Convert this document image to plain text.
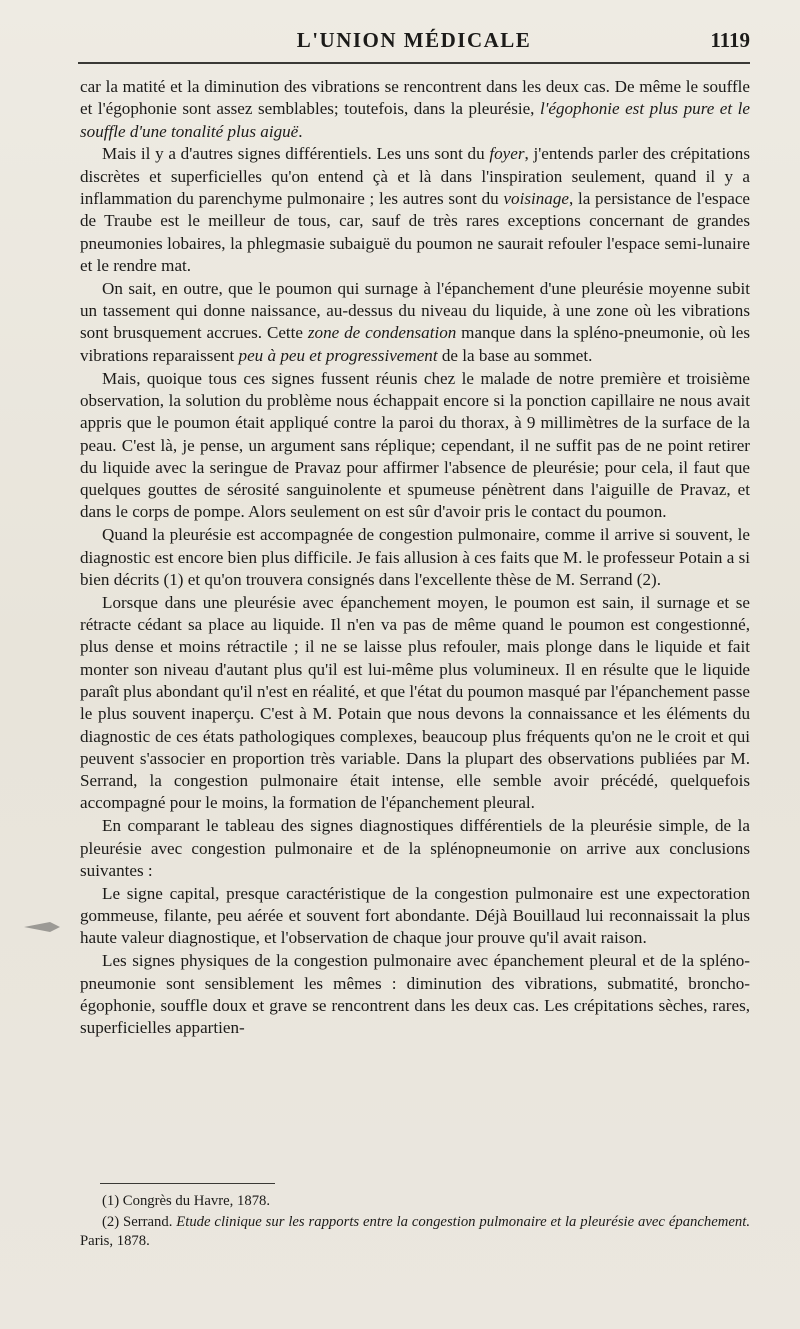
L'UNION MÉDICALE	1119

car la matité et la diminution des vibrations se rencontrent dans les deux cas. De même le souffle et l'égophonie sont assez semblables; toutefois, dans la pleurésie, l'égophonie est plus pure et le souffle d'une tonalité plus aiguë.

Mais il y a d'autres signes différentiels. Les uns sont du foyer, j'entends parler des crépitations discrètes et superficielles qu'on entend çà et là dans l'inspiration seulement, quand il y a inflammation du parenchyme pulmonaire ; les autres sont du voisinage, la persistance de l'espace de Traube est le meilleur de tous, car, sauf de très rares exceptions concernant de grandes pneumonies lobaires, la phlegmasie subaiguë du poumon ne saurait refouler l'espace semi-lunaire et le rendre mat.

On sait, en outre, que le poumon qui surnage à l'épanchement d'une pleurésie moyenne subit un tassement qui donne naissance, au-dessus du niveau du liquide, à une zone où les vibrations sont brusquement accrues. Cette zone de condensation manque dans la spléno-pneumonie, où les vibrations reparaissent peu à peu et progressivement de la base au sommet.

Mais, quoique tous ces signes fussent réunis chez le malade de notre première et troisième observation, la solution du problème nous échappait encore si la ponction capillaire ne nous avait appris que le poumon était appliqué contre la paroi du thorax, à 9 millimètres de la surface de la peau. C'est là, je pense, un argument sans réplique; cependant, il ne suffit pas de ne point retirer du liquide avec la seringue de Pravaz pour affirmer l'absence de pleurésie; pour cela, il faut que quelques gouttes de sérosité sanguinolente et spumeuse pénètrent dans l'aiguille de Pravaz, et dans le corps de pompe. Alors seulement on est sûr d'avoir pris le contact du poumon.

Quand la pleurésie est accompagnée de congestion pulmonaire, comme il arrive si souvent, le diagnostic est encore bien plus difficile. Je fais allusion à ces faits que M. le professeur Potain a si bien décrits (1) et qu'on trouvera consignés dans l'excellente thèse de M. Serrand (2).

Lorsque dans une pleurésie avec épanchement moyen, le poumon est sain, il surnage et se rétracte cédant sa place au liquide. Il n'en va pas de même quand le poumon est congestionné, plus dense et moins rétractile ; il ne se laisse plus refouler, mais plonge dans le liquide et fait monter son niveau d'autant plus qu'il est lui-même plus volumineux. Il en résulte que le liquide paraît plus abondant qu'il n'est en réalité, et que l'état du poumon masqué par l'épanchement passe le plus souvent inaperçu. C'est à M. Potain que nous devons la connaissance et les éléments du diagnostic de ces états pathologiques complexes, beaucoup plus fréquents qu'on ne le croit et qui peuvent s'associer en proportion très variable. Dans la plupart des observations publiées par M. Serrand, la congestion pulmonaire était intense, elle semble avoir précédé, quelquefois accompagné pour le moins, la formation de l'épanchement pleural.

En comparant le tableau des signes diagnostiques différentiels de la pleurésie simple, de la pleurésie avec congestion pulmonaire et de la splénopneumonie on arrive aux conclusions suivantes :

Le signe capital, presque caractéristique de la congestion pulmonaire est une expectoration gommeuse, filante, peu aérée et souvent fort abondante. Déjà Bouillaud lui reconnaissait la plus haute valeur diagnostique, et l'observation de chaque jour prouve qu'il avait raison.

Les signes physiques de la congestion pulmonaire avec épanchement pleural et de la spléno-pneumonie sont sensiblement les mêmes : diminution des vibrations, submatité, broncho-égophonie, souffle doux et grave se rencontrent dans les deux cas. Les crépitations sèches, rares, superficielles appartien-

(1) Congrès du Havre, 1878.

(2) Serrand. Etude clinique sur les rapports entre la congestion pulmonaire et la pleurésie avec épanchement. Paris, 1878.
